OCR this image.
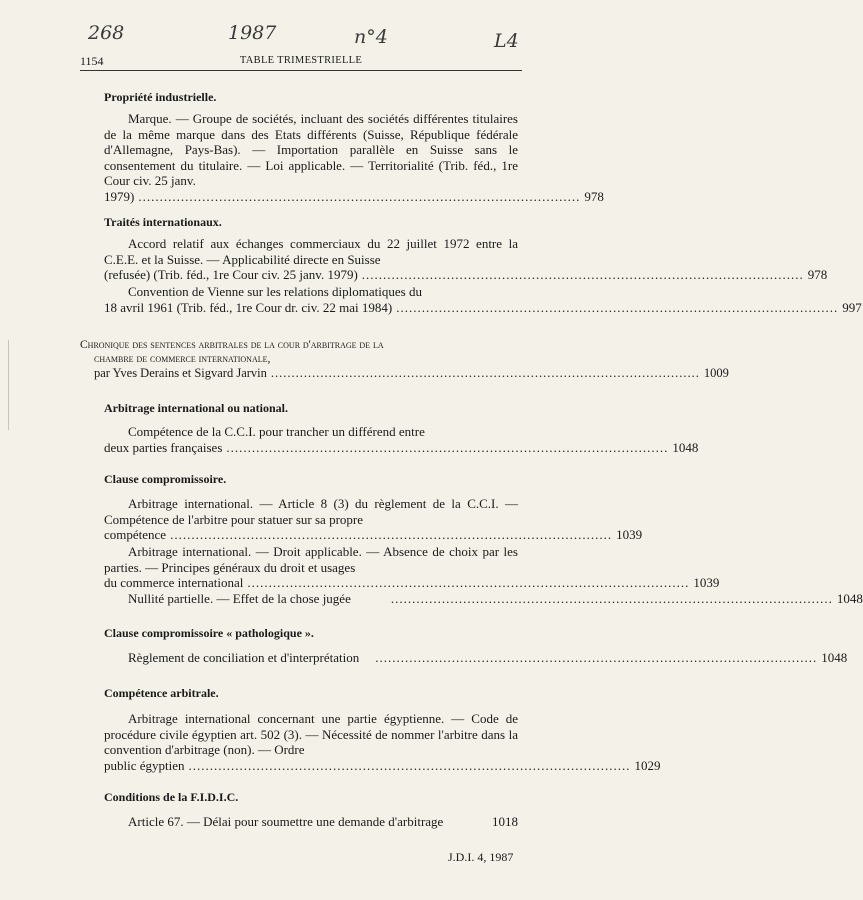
268	1987	n°4	L4
1154	TABLE TRIMESTRIELLE
Propriété industrielle.
Marque. — Groupe de sociétés, incluant des sociétés différentes titulaires de la même marque dans des Etats différents (Suisse, République fédérale d'Allemagne, Pays-Bas). — Importation parallèle en Suisse sans le consentement du titulaire. — Loi applicable. — Territorialité (Trib. féd., 1re Cour civ. 25 janv.
1979) ........................................................................................................ 978
Traités internationaux.
Accord relatif aux échanges commerciaux du 22 juillet 1972 entre la C.E.E. et la Suisse. — Applicabilité directe en Suisse
(refusée) (Trib. féd., 1re Cour civ. 25 janv. 1979) ........................................................................................................ 978
Convention de Vienne sur les relations diplomatiques du
18 avril 1961 (Trib. féd., 1re Cour dr. civ. 22 mai 1984) ........................................................................................................ 997
Chronique des sentences arbitrales de la cour d'arbitrage de la
chambre de commerce internationale,
par Yves Derains et Sigvard Jarvin ........................................................................................................ 1009
Arbitrage international ou national.
Compétence de la C.C.I. pour trancher un différend entre
deux parties françaises ........................................................................................................ 1048
Clause compromissoire.
Arbitrage international. — Article 8 (3) du règlement de la C.C.I. — Compétence de l'arbitre pour statuer sur sa propre
compétence ........................................................................................................ 1039
Arbitrage international. — Droit applicable. — Absence de choix par les parties. — Principes généraux du droit et usages
du commerce international ........................................................................................................ 1039
Nullité partielle. — Effet de la chose jugée	........................................................................................................ 1048
Clause compromissoire « pathologique ».
Règlement de conciliation et d'interprétation ........................................................................................................ 1048
Compétence arbitrale.
Arbitrage international concernant une partie égyptienne. — Code de procédure civile égyptien art. 502 (3). — Nécessité de nommer l'arbitre dans la convention d'arbitrage (non). — Ordre
public égyptien ........................................................................................................ 1029
Conditions de la F.I.D.I.C.
Article 67. — Délai pour soumettre une demande d'arbitrage	1018
J.D.I. 4, 1987
